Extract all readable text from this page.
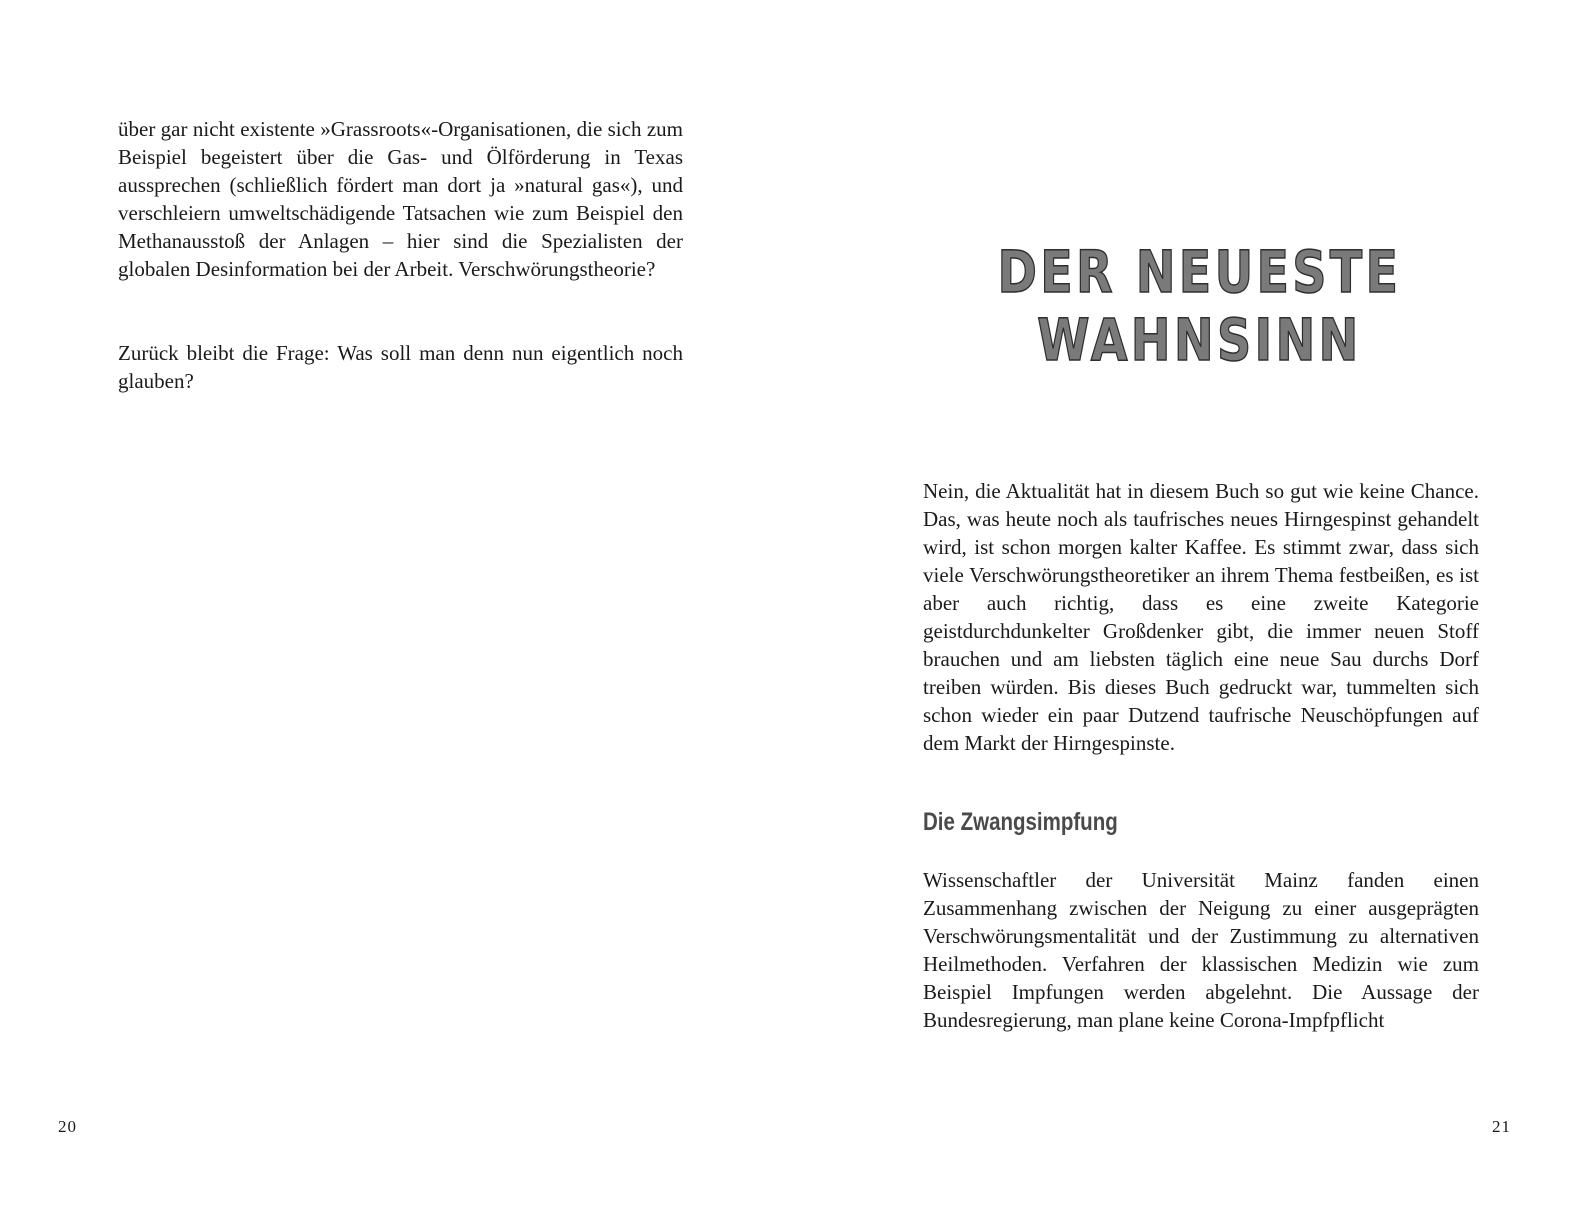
über gar nicht existente »Grassroots«-Organisationen, die sich zum Beispiel begeistert über die Gas- und Ölförderung in Texas aussprechen (schließlich fördert man dort ja »natural gas«), und verschleiern umweltschädigende Tatsachen wie zum Beispiel den Methanausstoß der Anlagen – hier sind die Spezialisten der globalen Desinformation bei der Arbeit. Verschwörungstheorie?

Zurück bleibt die Frage: Was soll man denn nun eigentlich noch glauben?

20
DER NEUESTE
WAHNSINN

Nein, die Aktualität hat in diesem Buch so gut wie keine Chance. Das, was heute noch als taufrisches neues Hirngespinst gehandelt wird, ist schon morgen kalter Kaffee. Es stimmt zwar, dass sich viele Verschwörungstheoretiker an ihrem Thema festbeißen, es ist aber auch richtig, dass es eine zweite Kategorie geistdurchdunkelter Großdenker gibt, die immer neuen Stoff brauchen und am liebsten täglich eine neue Sau durchs Dorf treiben würden. Bis dieses Buch gedruckt war, tummelten sich schon wieder ein paar Dutzend taufrische Neuschöpfungen auf dem Markt der Hirngespinste.

Die Zwangsimpfung

Wissenschaftler der Universität Mainz fanden einen Zusammenhang zwischen der Neigung zu einer ausgeprägten Verschwörungsmentalität und der Zustimmung zu alternativen Heilmethoden. Verfahren der klassischen Medizin wie zum Beispiel Impfungen werden abgelehnt. Die Aussage der Bundesregierung, man plane keine Corona-Impfpflicht

21
